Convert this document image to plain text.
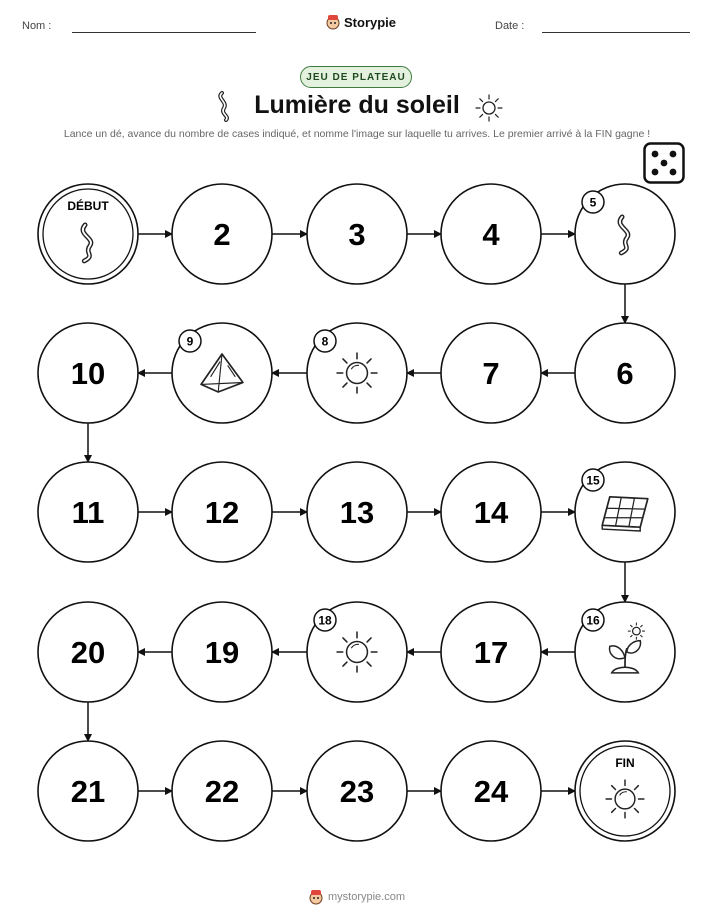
Nom :	Storypie	Date :
JEU DE PLATEAU
Lumière du soleil
Lance un dé, avance du nombre de cases indiqué, et nomme l'image sur laquelle tu arrives. Le premier arrivé à la FIN gagne !
DÉBUT
2	3	4
5
10
9	8
7	6
11	12	13	14
15
20	19
18
17
16
21	22	23	24
FIN
mystorypie.com
